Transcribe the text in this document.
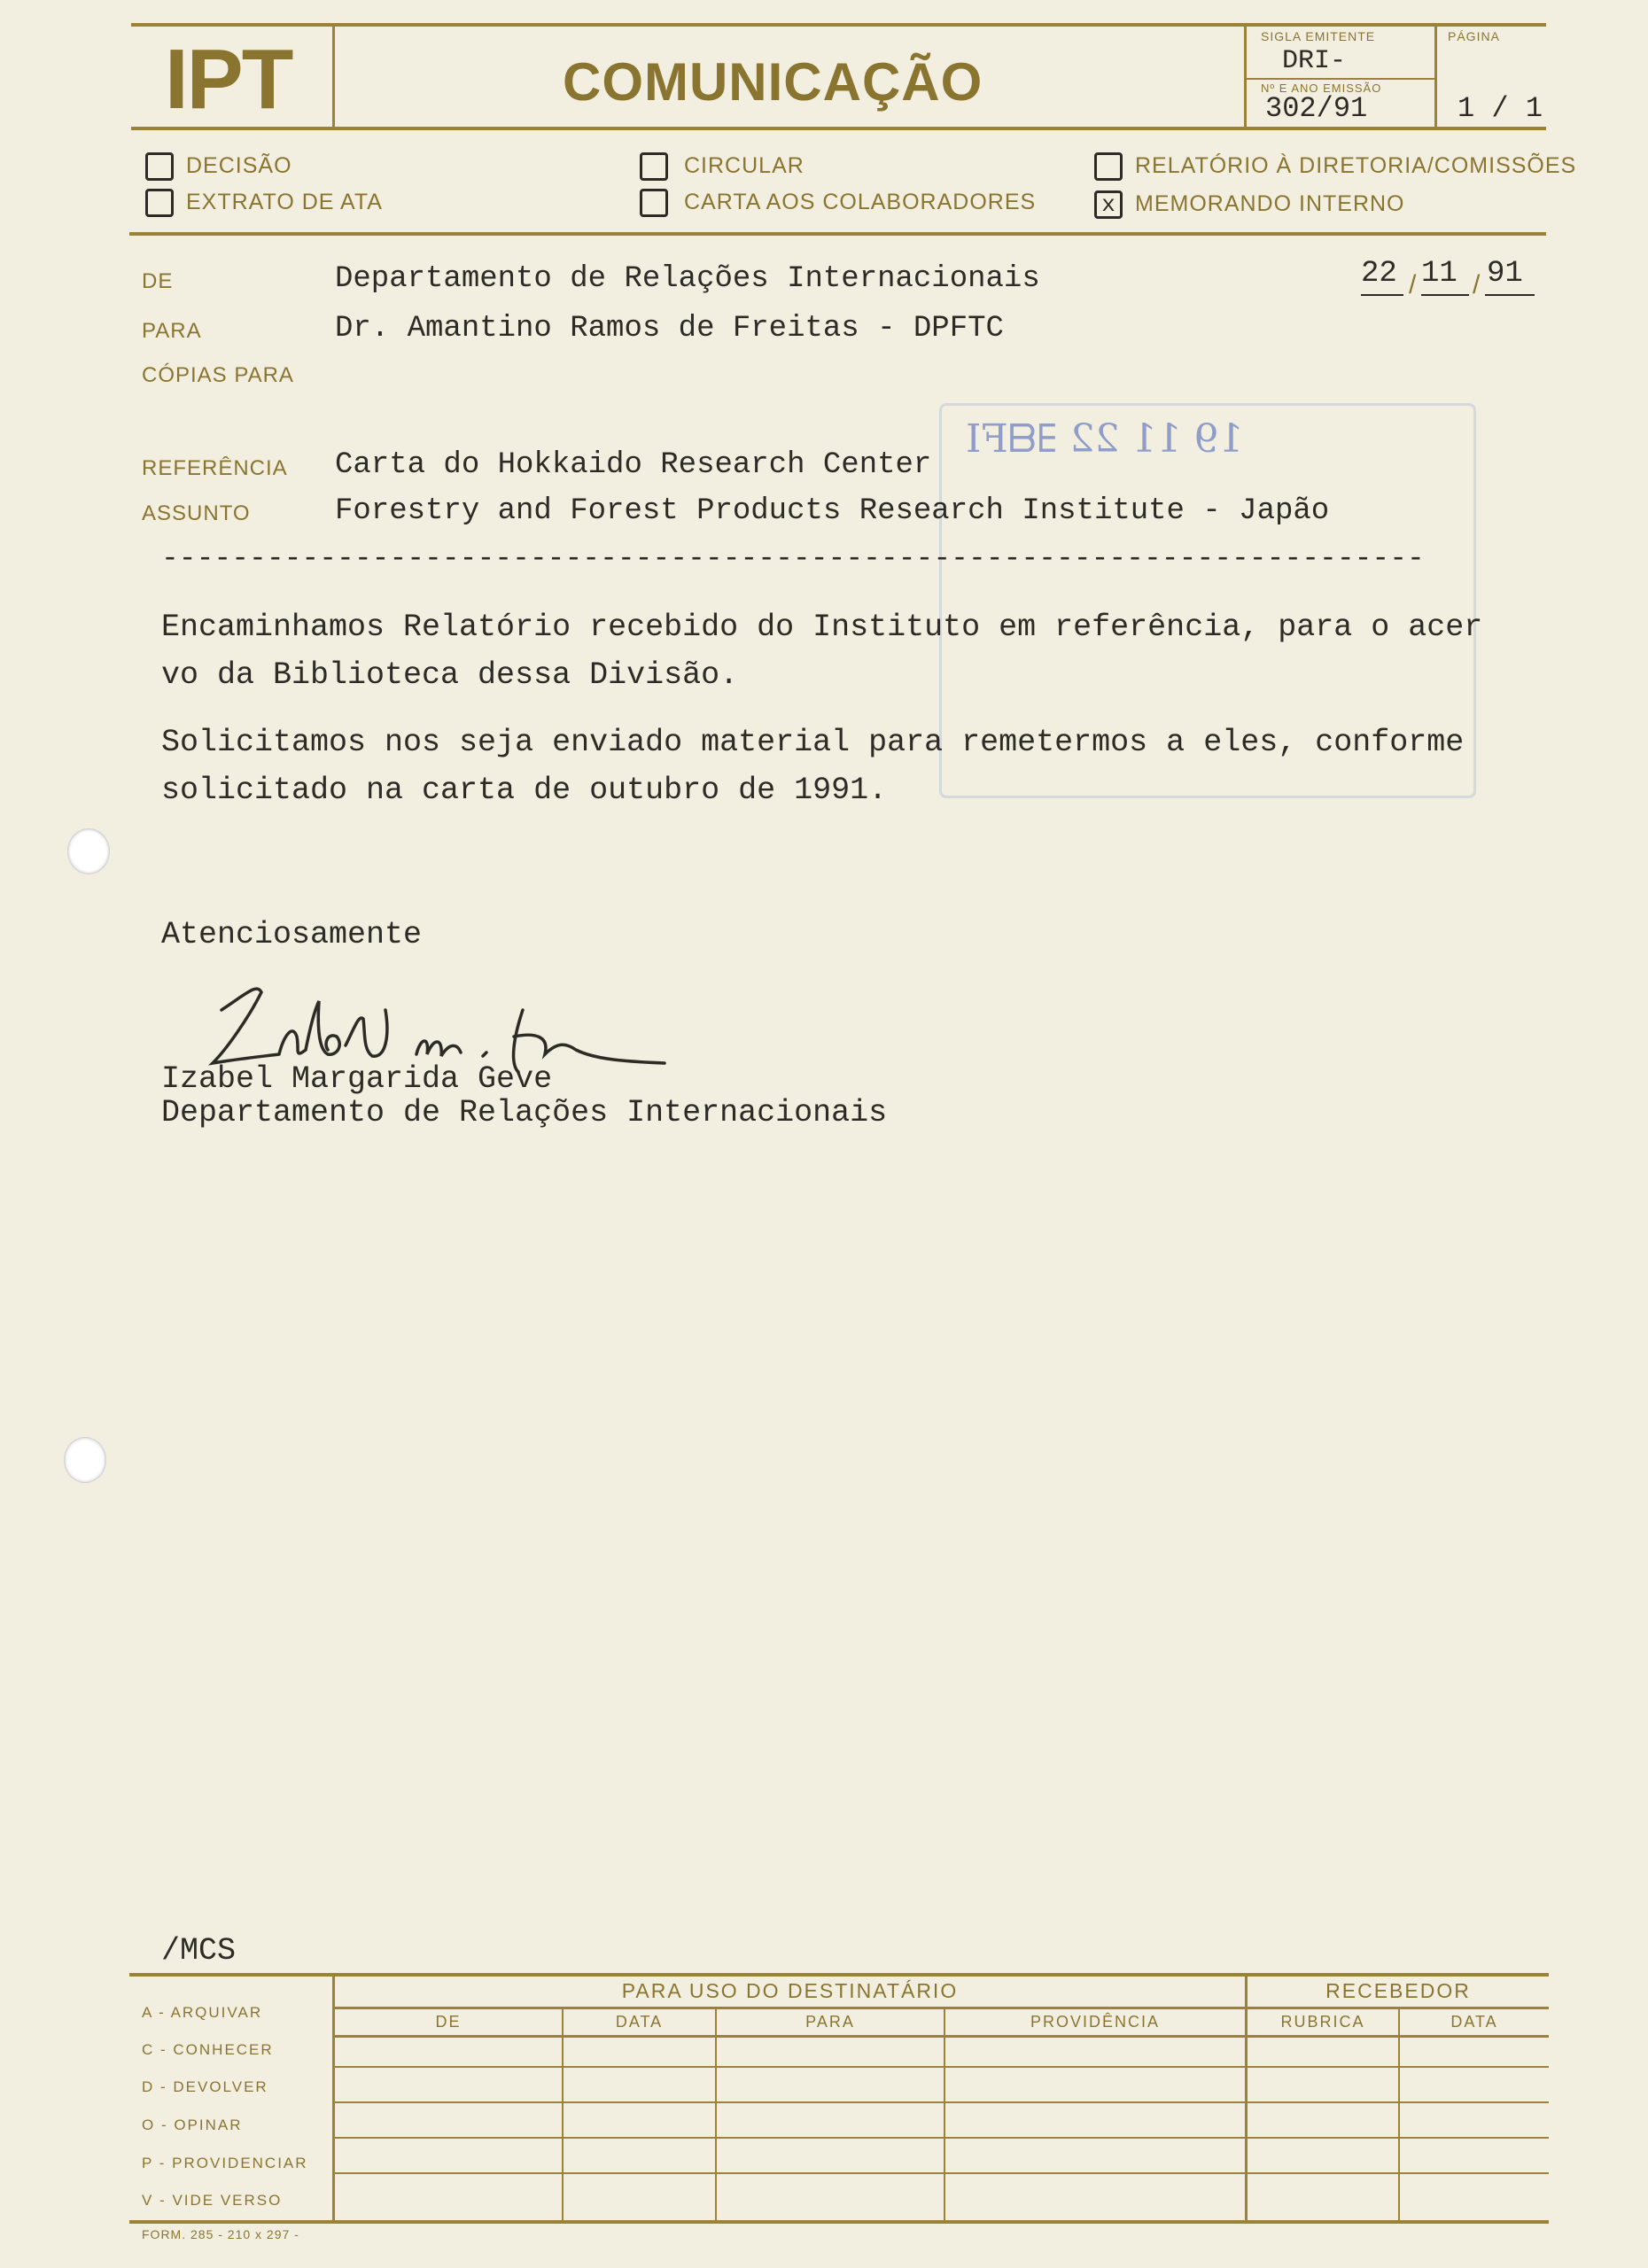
IPT	COMUNICAÇÃO
SIGLA EMITENTE
DRI-
Nº E ANO EMISSÃO
302/91
PÁGINA
1 / 1
DECISÃO
EXTRATO DE ATA
CIRCULAR
CARTA AOS COLABORADORES
RELATÓRIO À DIRETORIA/COMISSÕES
x MEMORANDO INTERNO
DE	Departamento de Relações Internacionais	22 / 11 / 91
PARA	Dr. Amantino Ramos de Freitas - DPFTC
CÓPIAS PARA
19 11 22 ∃ᗺFI
REFERÊNCIA Carta do Hokkaido Research Center
ASSUNTO	Forestry and Forest Products Research Institute - Japão
------------------------------------------------------------------------
Encaminhamos Relatório recebido do Instituto em referência, para o acer
vo da Biblioteca dessa Divisão.
Solicitamos nos seja enviado material para remetermos a eles, conforme
solicitado na carta de outubro de 1991.
Atenciosamente
Izabel Margarida Geve
Departamento de Relações Internacionais
/MCS
PARA USO DO DESTINATÁRIO	RECEBEDOR
DE	DATA	PARA	PROVIDÊNCIA	RUBRICA	DATA
A - ARQUIVAR
C - CONHECER
D - DEVOLVER
O - OPINAR
P - PROVIDENCIAR
V - VIDE VERSO
FORM. 285 - 210 x 297 -
